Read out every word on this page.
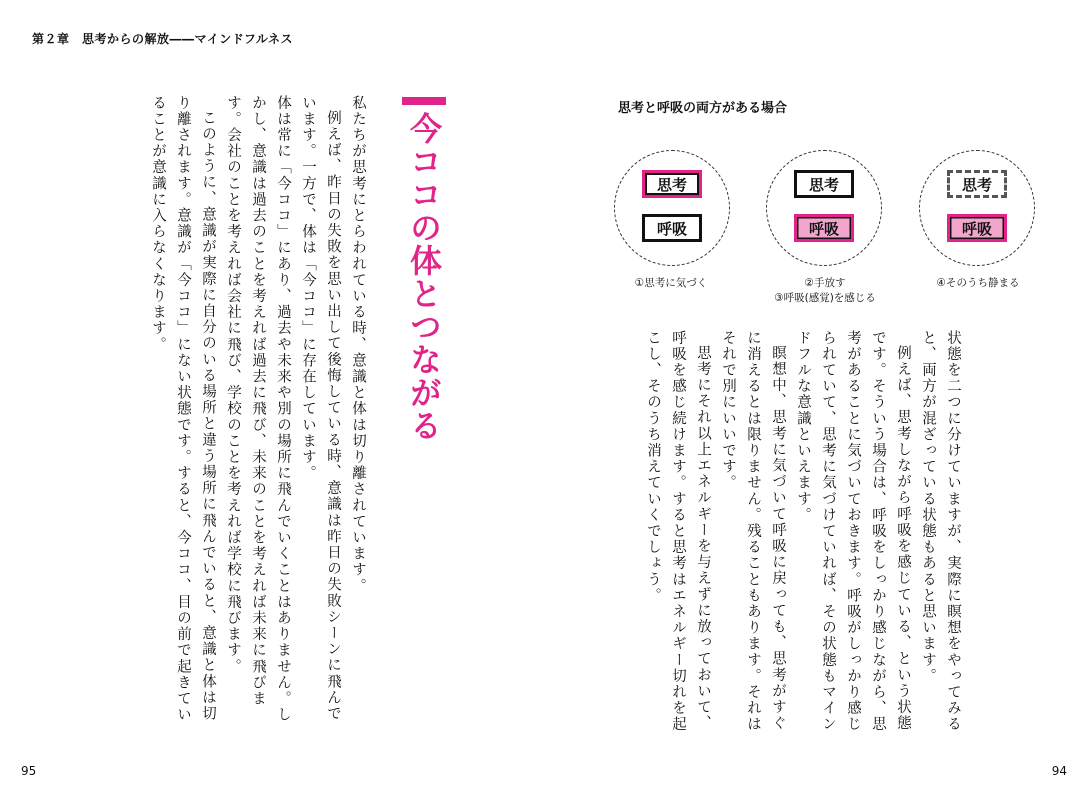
第２章　思考からの解放――マインドフルネス

私たちが思考にとらわれている時、意識と体は切り離されています。

例えば、昨日の失敗を思い出して後悔している時、意識は昨日の失敗シーンに飛んでいます。一方で、体は「今ココ」に存在しています。

体は常に「今ココ」にあり、過去や未来や別の場所に飛んでいくことはありません。しかし、意識は過去のことを考えれば過去に飛び、未来のことを考えれば未来に飛びます。会社のことを考えれば会社に飛び、学校のことを考えれば学校に飛びます。

このように、意識が実際に自分のいる場所と違う場所に飛んでいると、意識と体は切り離されます。意識が「今ココ」にない状態です。すると、今ココ、目の前で起きていることが意識に入らなくなります。	今ココの体とつながる
思考と呼吸の両方がある場合
思考
呼吸
思考
呼吸
思考
呼吸
①思考に気づく	②手放す
③呼吸(感覚)を感じる
④そのうち静まる

状態を二つに分けていますが、実際に瞑想をやってみると、両方が混ざっている状態もあると思います。

例えば、思考しながら呼吸を感じている、という状態です。そういう場合は、呼吸をしっかり感じながら、思考があることに気づいておきます。呼吸がしっかり感じられていて、思考に気づけていれば、その状態もマインドフルな意識といえます。

瞑想中、思考に気づいて呼吸に戻っても、思考がすぐに消えるとは限りません。残ることもあります。それはそれで別にいいです。

思考にそれ以上エネルギーを与えずに放っておいて、呼吸を感じ続けます。すると思考はエネルギー切れを起こし、そのうち消えていくでしょう。

95	94
